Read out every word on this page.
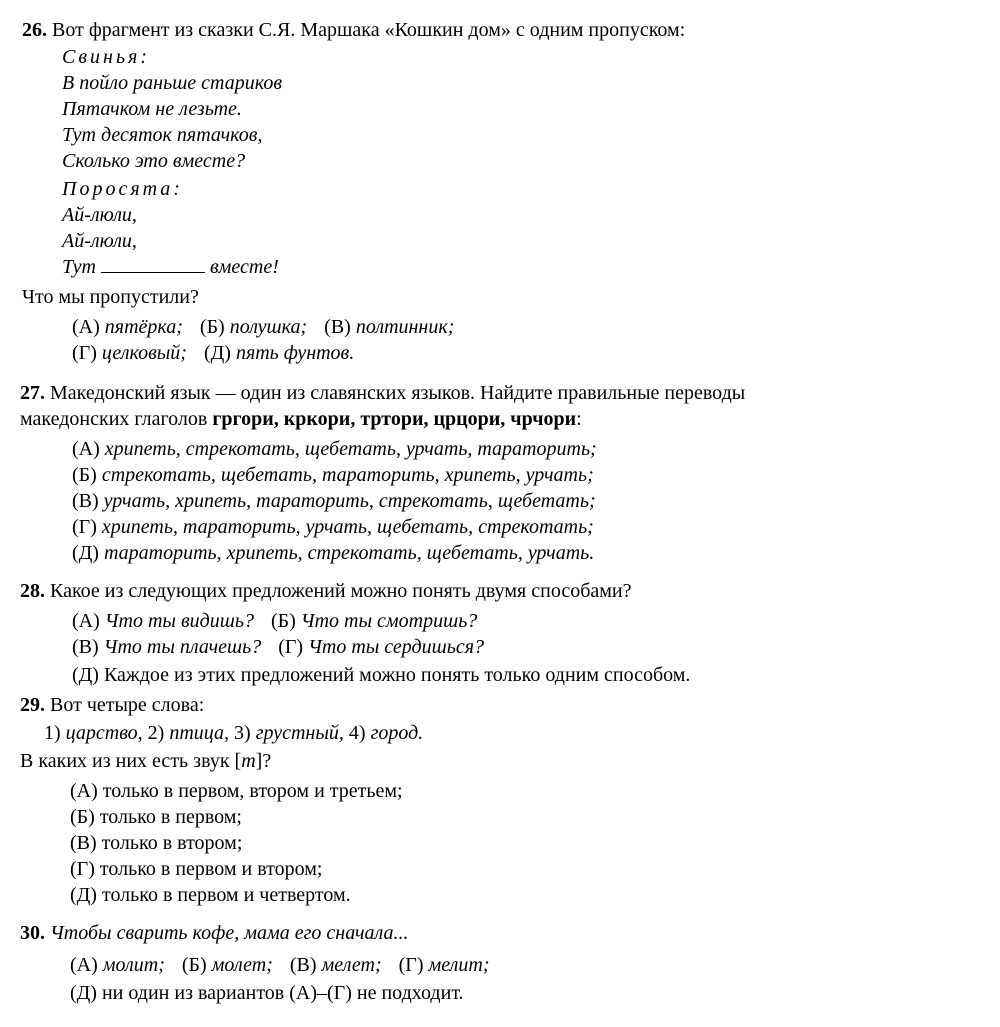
26. Вот фрагмент из сказки С.Я. Маршака «Кошкин дом» с одним пропуском:
Свинья:
В пойло раньше стариков
Пятачком не лезьте.
Тут десяток пятачков,
Сколько это вместе?
Поросята:
Ай-люли,
Ай-люли,
Тут	вместе!
Что мы пропустили?
(А) пятёрка; (Б) полушка; (В) полтинник;
(Г) целковый; (Д) пять фунтов.
27. Македонский язык — один из славянских языков. Найдите правильные переводы
македонских глаголов гргори, кркори, тртори, црцори, чрчори:
(А) хрипеть, стрекотать, щебетать, урчать, тараторить;
(Б) стрекотать, щебетать, тараторить, хрипеть, урчать;
(В) урчать, хрипеть, тараторить, стрекотать, щебетать;
(Г) хрипеть, тараторить, урчать, щебетать, стрекотать;
(Д) тараторить, хрипеть, стрекотать, щебетать, урчать.
28. Какое из следующих предложений можно понять двумя способами?
(А) Что ты видишь? (Б) Что ты смотришь?
(В) Что ты плачешь? (Г) Что ты сердишься?
(Д) Каждое из этих предложений можно понять только одним способом.
29. Вот четыре слова:
1) царство, 2) птица, 3) грустный, 4) город.
В каких из них есть звук [т]?
(А) только в первом, втором и третьем;
(Б) только в первом;
(В) только в втором;
(Г) только в первом и втором;
(Д) только в первом и четвертом.
30. Чтобы сварить кофе, мама его сначала...
(А) молит; (Б) молет; (В) мелет; (Г) мелит;
(Д) ни один из вариантов (А)–(Г) не подходит.
